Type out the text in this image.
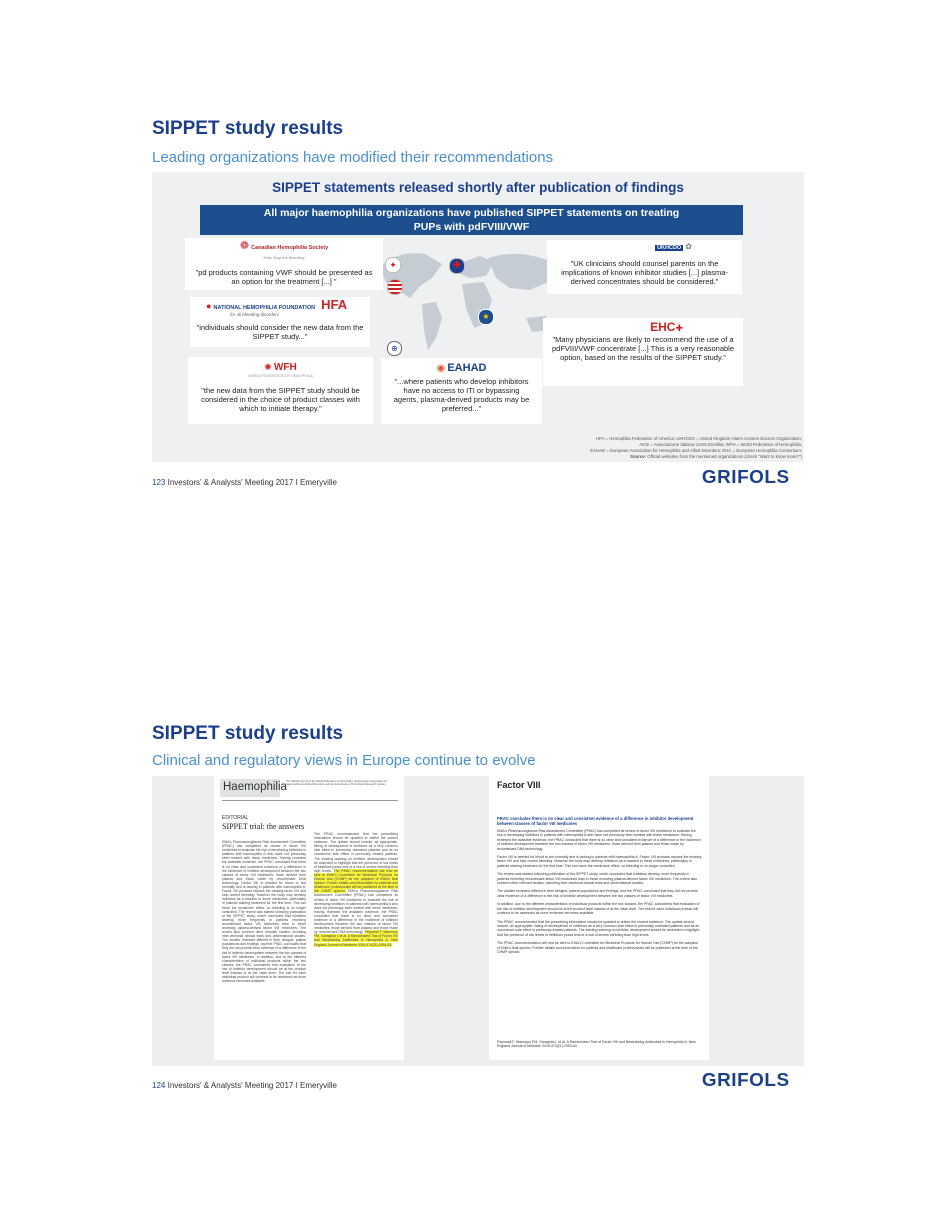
SIPPET study results
Leading organizations have modified their recommendations
SIPPET statements released shortly after publication of findings
All major haemophilia organizations have published SIPPET statements on treating PUPs with pdFVIII/VWF
✦	✚
⊕
★
❁ Canadian Hemophilia Society
Help Stop the Bleeding
"pd products containing VWF should be presented as an option for the treatment [...] "
● NATIONAL HEMOPHILIA FOUNDATION HFA
for all bleeding disorders
"individuals should consider the new data from the SIPPET study..."
✺ WFH
WORLD FEDERATION OF HEMOPHILIA
"the new data from the SIPPET study should be considered in the choice of product classes with which to initiate therapy."
◉ EAHAD
"...where patients who develop inhibitors have no access to ITI or bypassing agents, plasma-derived products may be preferred..."
UKHCDO ✿
"UK clinicians should counsel parents on the implications of known inhibitor studies [...] plasma-derived concentrates should be considered."
EHC✚
"Many physicians are likely to recommend the use of a pdFVIII/VWF concentrate [...] This is a very reasonable option, based on the results of the SIPPET study."
HFA = Hemophilia Federation of America; UKHCDO = United Kingdom Haem Centers Doctors Organization;
AICE = Associazione Italiana Centri Emofilia; WFH = World Federation of Hemophilia;
EAHAD = European Association for Hemophilia and Allied Disorders; EHC = European Hemophilia Consortium;
Source: Official websites from the mentioned organizations (check "Want to know more?")
123 Investors' & Analysts' Meeting 2017 I Emeryville	GRIFOLS
SIPPET study results
Clinical and regulatory views in Europe continue to evolve
Haemophilia The Official Journal of the World Federation of Hemophilia, the European Association for Haemophilia and Allied Disorders and the Hemostasis & Thrombosis Research Society
EDITORIAL
SIPPET trial: the answers
EMA's Pharmacovigilance Risk Assessment Committee (PRAC) has completed its review of factor VIII medicines to evaluate the risk of developing inhibitors in patients with haemophilia A who have not previously been treated with these medicines. Having reviewed the available evidence, the PRAC concluded that there is no clear and consistent evidence of a difference in the incidence of inhibitor development between the two classes of factor VIII medicines: those derived from plasma and those made by recombinant DNA technology. Factor VIII is needed for blood to clot normally and is lacking in patients with haemophilia A. Factor VIII products replace the missing factor VIII and help control bleeding. However the body may develop inhibitors as a reaction to these medicines, particularly in patients starting treatment for the first time. This can block the medicines' effect, so bleeding is no longer controlled. The review was started following publication of the SIPPET study, which concluded that inhibitors develop more frequently in patients receiving recombinant factor VIII medicines than in those receiving plasma-derived factor VIII medicines. The review also covered other relevant studies, including inter-ventional clinical trials and observational studies. The studies reviewed differed in their designs, patient populations and findings, and the PRAC concluded that they did not provide clear evidence of a difference in the risk of inhibitor development between the two classes of factor VIII medicines. In addition, due to the different characteristics of individual products within the two classes, the PRAC considered that evaluation of the risk of inhibitor development should be at the product level instead of at the class level. The risk for each individual product will continue to be assessed as more evidence becomes available.
The PRAC recommended that the prescribing information should be updated to reflect the current evidence. The update should include, as appropriate, listing of development of inhibitors as a very common side effect in previously untreated patients and as an uncommon side effect in previously treated patients. The existing warning on inhibitor development should be amended to highlight that the presence of low levels of inhibitors poses less of a risk of severe bleeding than high levels. The PRAC recommendation will now be sent to EMA's Committee for Medicinal Products for Human Use (CHMP) for the adoption of EMA's final opinion. Further details and information for patients and healthcare professionals will be published at the time of the CHMP opinion. EMA's Pharmacovigilance Risk Assessment Committee (PRAC) has completed its review of factor VIII medicines to evaluate the risk of developing inhibitors in patients with haemophilia A who have not previously been treated with these medicines. Having reviewed the available evidence, the PRAC concluded that there is no clear and consistent evidence of a difference in the incidence of inhibitor development between the two classes of factor VIII medicines: those derived from plasma and those made by recombinant DNA technology. Peyvandi F, Mannucci PM, Garagiola I, et al. A Randomized Trial of Factor VIII and Neutralizing Antibodies in Hemophilia A. New England Journal of Medicine 2016;374(21):2054-64.
Factor VIII
PRAC concludes there is no clear and consistent evidence of a difference in inhibitor development between classes of factor VIII medicines

EMA's Pharmacovigilance Risk Assessment Committee (PRAC) has completed its review of factor VIII medicines to evaluate the risk of developing inhibitors in patients with haemophilia A who have not previously been treated with these medicines. Having reviewed the available evidence, the PRAC concluded that there is no clear and consistent evidence of a difference in the incidence of inhibitor development between the two classes of factor VIII medicines: those derived from plasma and those made by recombinant DNA technology.

Factor VIII is needed for blood to clot normally and is lacking in patients with haemophilia A. Factor VIII products replace the missing factor VIII and help control bleeding. However the body may develop inhibitors as a reaction to these medicines, particularly in patients starting treatment for the first time. This can block the medicines' effect, so bleeding is no longer controlled.

The review was started following publication of the SIPPET study, which concluded that inhibitors develop more frequently in patients receiving recombinant factor VIII medicines than in those receiving plasma-derived factor VIII medicines. The review also covered other relevant studies, including inter-ventional clinical trials and observational studies.

The studies reviewed differed in their designs, patient populations and findings, and the PRAC concluded that they did not provide clear evidence of a difference in the risk of inhibitor development between the two classes of factor VIII medicines.

In addition, due to the different characteristics of individual products within the two classes, the PRAC considered that evaluation of the risk of inhibitor development should be at the product level instead of at the class level. The risk for each individual product will continue to be assessed as more evidence becomes available.

The PRAC recommended that the prescribing information should be updated to reflect the current evidence. The update should include, as appropriate, listing of development of inhibitors as a very common side effect in previously untreated patients and as an uncommon side effect in previously treated patients. The existing warning on inhibitor development should be amended to highlight that the presence of low levels of inhibitors poses less of a risk of severe bleeding than high levels.

The PRAC recommendation will now be sent to EMA's Committee for Medicinal Products for Human Use (CHMP) for the adoption of EMA's final opinion. Further details and information for patients and healthcare professionals will be published at the time of the CHMP opinion.

Peyvandi F, Mannucci PM, Garagiola I, et al. A Randomized Trial of Factor VIII and Neutralizing Antibodies in Hemophilia A. New England Journal of Medicine 2016;374(21):2054-64.
124 Investors' & Analysts' Meeting 2017 I Emeryville	GRIFOLS
